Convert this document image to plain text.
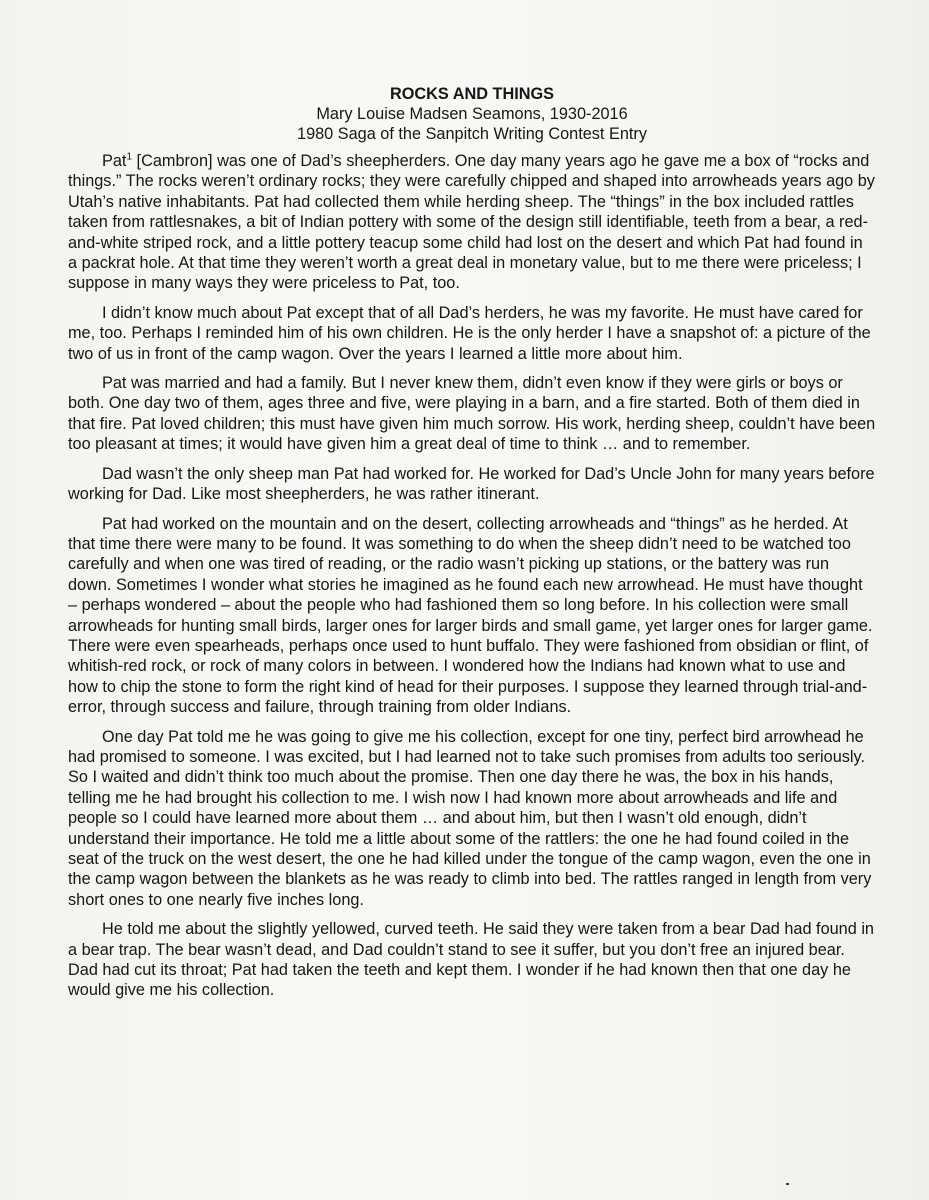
ROCKS AND THINGS
Mary Louise Madsen Seamons, 1930-2016
1980 Saga of the Sanpitch Writing Contest Entry

Pat$^1$ [Cambron] was one of Dad’s sheepherders. One day many years ago he gave me a box of “rocks and things.” The rocks weren’t ordinary rocks; they were carefully chipped and shaped into arrowheads years ago by Utah’s native inhabitants. Pat had collected them while herding sheep. The “things” in the box included rattles taken from rattlesnakes, a bit of Indian pottery with some of the design still identifiable, teeth from a bear, a red-and-white striped rock, and a little pottery teacup some child had lost on the desert and which Pat had found in a packrat hole. At that time they weren’t worth a great deal in monetary value, but to me there were priceless; I suppose in many ways they were priceless to Pat, too.

I didn’t know much about Pat except that of all Dad’s herders, he was my favorite. He must have cared for me, too. Perhaps I reminded him of his own children. He is the only herder I have a snapshot of: a picture of the two of us in front of the camp wagon. Over the years I learned a little more about him.

Pat was married and had a family. But I never knew them, didn’t even know if they were girls or boys or both. One day two of them, ages three and five, were playing in a barn, and a fire started. Both of them died in that fire. Pat loved children; this must have given him much sorrow. His work, herding sheep, couldn’t have been too pleasant at times; it would have given him a great deal of time to think … and to remember.

Dad wasn’t the only sheep man Pat had worked for. He worked for Dad’s Uncle John for many years before working for Dad. Like most sheepherders, he was rather itinerant.

Pat had worked on the mountain and on the desert, collecting arrowheads and “things” as he herded. At that time there were many to be found. It was something to do when the sheep didn’t need to be watched too carefully and when one was tired of reading, or the radio wasn’t picking up stations, or the battery was run down. Sometimes I wonder what stories he imagined as he found each new arrowhead. He must have thought – perhaps wondered – about the people who had fashioned them so long before. In his collection were small arrowheads for hunting small birds, larger ones for larger birds and small game, yet larger ones for larger game. There were even spearheads, perhaps once used to hunt buffalo. They were fashioned from obsidian or flint, of whitish-red rock, or rock of many colors in between. I wondered how the Indians had known what to use and how to chip the stone to form the right kind of head for their purposes. I suppose they learned through trial-and-error, through success and failure, through training from older Indians.

One day Pat told me he was going to give me his collection, except for one tiny, perfect bird arrowhead he had promised to someone. I was excited, but I had learned not to take such promises from adults too seriously. So I waited and didn’t think too much about the promise. Then one day there he was, the box in his hands, telling me he had brought his collection to me. I wish now I had known more about arrowheads and life and people so I could have learned more about them … and about him, but then I wasn’t old enough, didn’t understand their importance. He told me a little about some of the rattlers: the one he had found coiled in the seat of the truck on the west desert, the one he had killed under the tongue of the camp wagon, even the one in the camp wagon between the blankets as he was ready to climb into bed. The rattles ranged in length from very short ones to one nearly five inches long.

He told me about the slightly yellowed, curved teeth. He said they were taken from a bear Dad had found in a bear trap. The bear wasn’t dead, and Dad couldn’t stand to see it suffer, but you don’t free an injured bear. Dad had cut its throat; Pat had taken the teeth and kept them. I wonder if he had known then that one day he would give me his collection.
